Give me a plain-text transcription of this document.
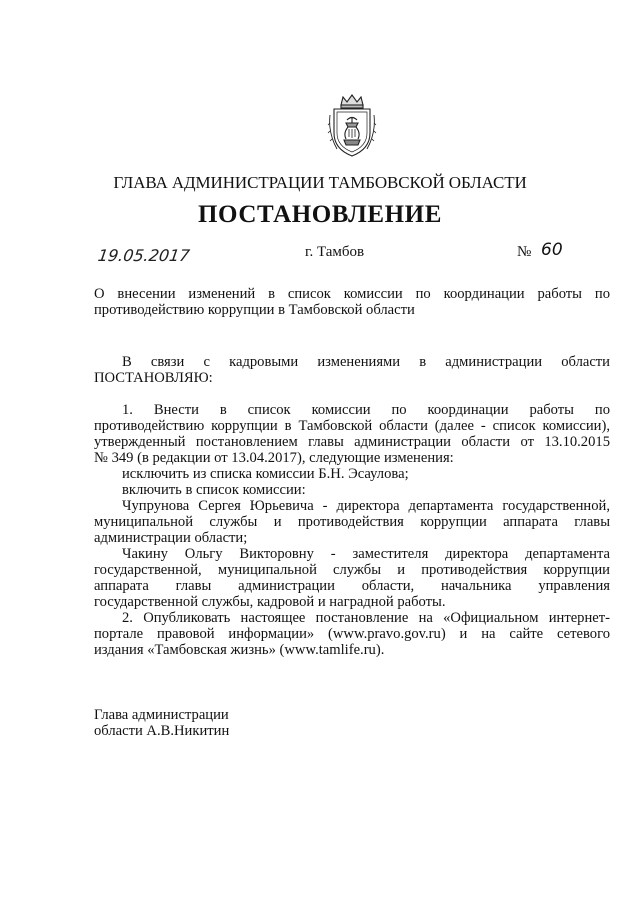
ГЛАВА АДМИНИСТРАЦИИ ТАМБОВСКОЙ ОБЛАСТИ
ПОСТАНОВЛЕНИЕ
19.05.2017	г. Тамбов	№ 60
О внесении изменений в список комиссии по координации работы по
противодействию коррупции в Тамбовской области
В связи с кадровыми изменениями в администрации области
ПОСТАНОВЛЯЮ:
1. Внести в список комиссии по координации работы по
противодействию коррупции в Тамбовской области (далее - список комиссии),
утвержденный постановлением главы администрации области от 13.10.2015
№ 349 (в редакции от 13.04.2017), следующие изменения:
исключить из списка комиссии Б.Н. Эсаулова;
включить в список комиссии:
Чупрунова Сергея Юрьевича - директора департамента государственной,
муниципальной службы и противодействия коррупции аппарата главы
администрации области;
Чакину Ольгу Викторовну - заместителя директора департамента
государственной, муниципальной службы и противодействия коррупции
аппарата главы администрации области, начальника управления
государственной службы, кадровой и наградной работы.
2. Опубликовать настоящее постановление на «Официальном интернет-
портале правовой информации» (www.pravo.gov.ru) и на сайте сетевого
издания «Тамбовская жизнь» (www.tamlife.ru).
Глава администрации
области А.В.Никитин
